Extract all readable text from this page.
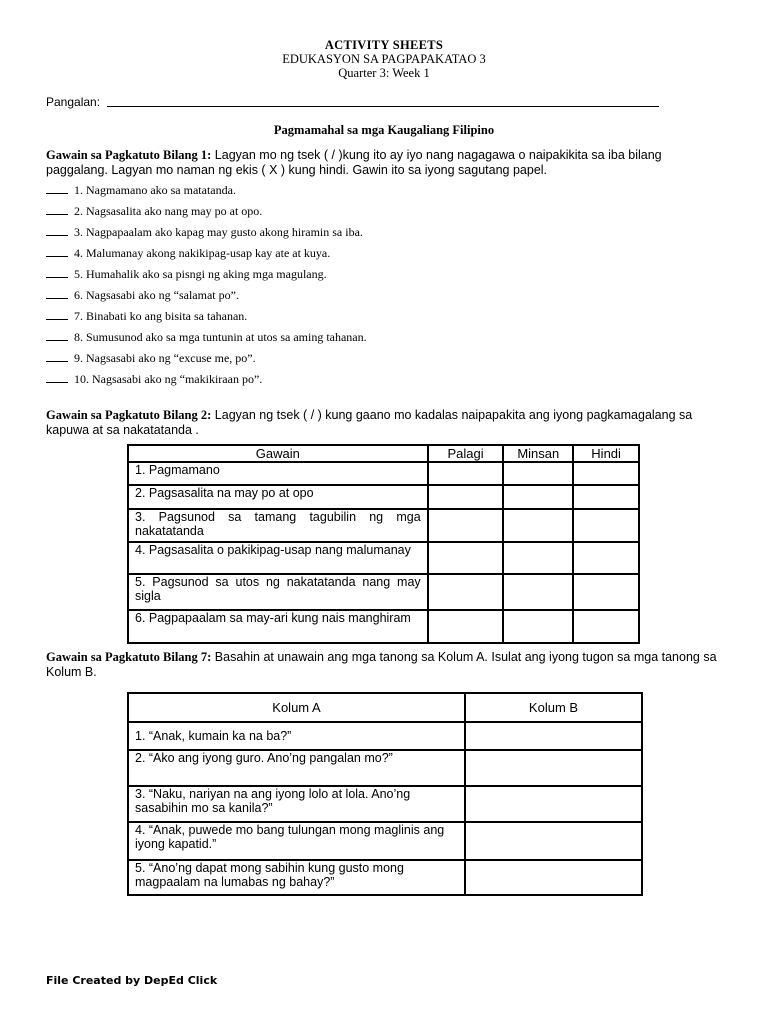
ACTIVITY SHEETS
EDUKASYON SA PAGPAPAKATAO 3
Quarter 3: Week 1
Pangalan:
Pagmamahal sa mga Kaugaliang Filipino
Gawain sa Pagkatuto Bilang 1: Lagyan mo ng tsek ( / )kung ito ay iyo nang nagagawa o naipakikita sa iba bilang paggalang. Lagyan mo naman ng ekis ( X ) kung hindi. Gawin ito sa iyong sagutang papel.
1. Nagmamano ako sa matatanda.
2. Nagsasalita ako nang may po at opo.
3. Nagpapaalam ako kapag may gusto akong hiramin sa iba.
4. Malumanay akong nakikipag-usap kay ate at kuya.
5. Humahalik ako sa pisngi ng aking mga magulang.
6. Nagsasabi ako ng “salamat po”.
7. Binabati ko ang bisita sa tahanan.
8. Sumusunod ako sa mga tuntunin at utos sa aming tahanan.
9. Nagsasabi ako ng “excuse me, po”.
10. Nagsasabi ako ng “makikiraan po”.
Gawain sa Pagkatuto Bilang 2: Lagyan ng tsek ( / ) kung gaano mo kadalas naipapakita ang iyong pagkamagalang sa kapuwa at sa nakatatanda .
Gawain	Palagi	Minsan	Hindi
1. Pagmamano			
2. Pagsasalita na may po at opo			
3. Pagsunod sa tamang tagubilin ng mga nakatatanda			
4. Pagsasalita o pakikipag-usap nang malumanay			
5. Pagsunod sa utos ng nakatatanda nang may sigla			
6. Pagpapaalam sa may-ari kung nais manghiram			
Gawain sa Pagkatuto Bilang 7: Basahin at unawain ang mga tanong sa Kolum A. Isulat ang iyong tugon sa mga tanong sa Kolum B.
Kolum A	Kolum B
1. “Anak, kumain ka na ba?”	
2. “Ako ang iyong guro. Ano’ng pangalan mo?”	
3. “Naku, nariyan na ang iyong lolo at lola. Ano’ng sasabihin mo sa kanila?”	
4. “Anak, puwede mo bang tulungan mong maglinis ang iyong kapatid.”	
5. “Ano’ng dapat mong sabihin kung gusto mong magpaalam na lumabas ng bahay?”	
File Created by DepEd Click
